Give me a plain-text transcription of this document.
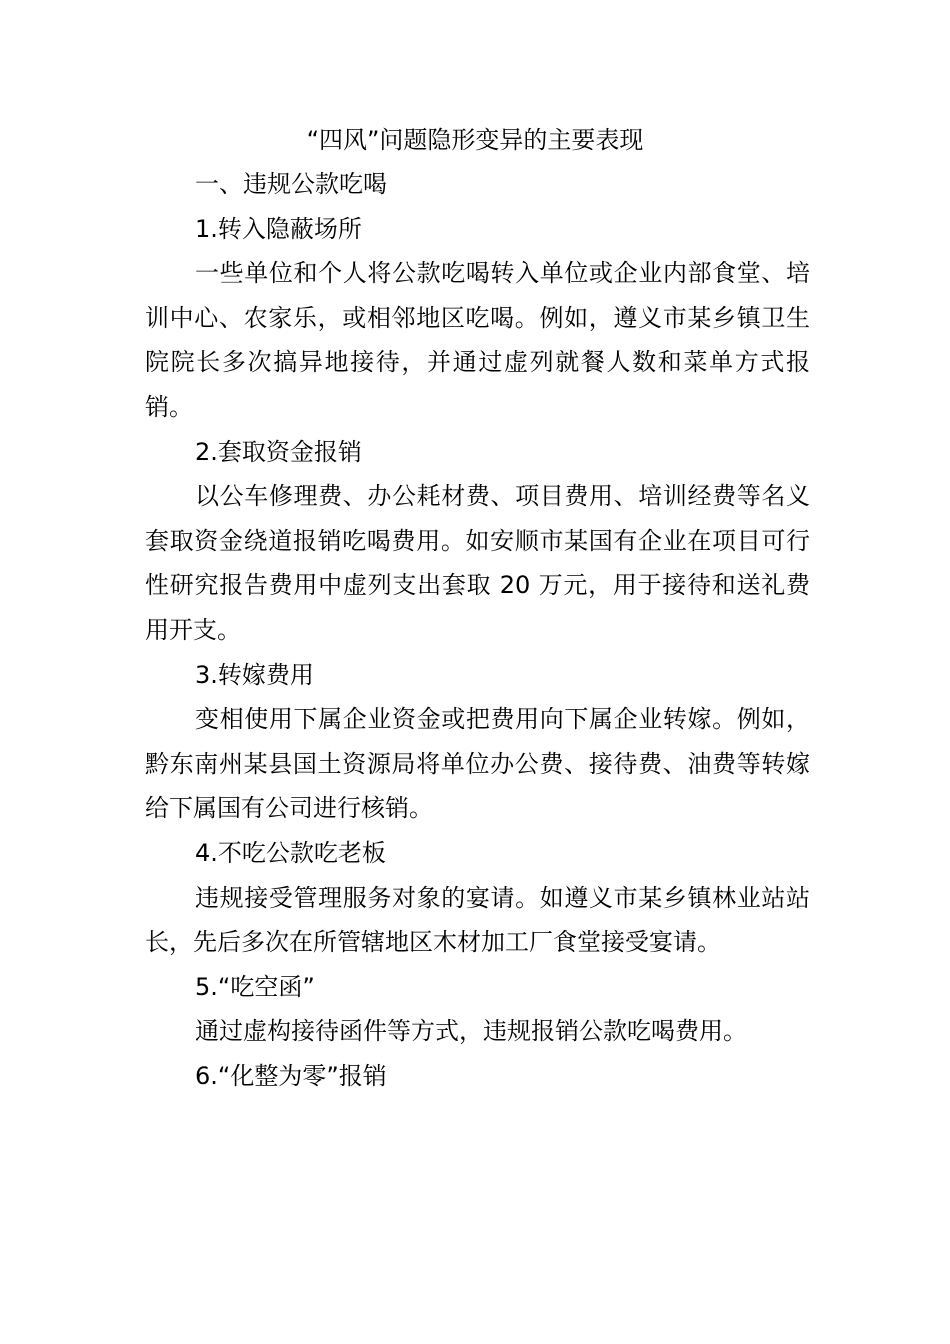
“四风”问题隐形变异的主要表现

一、违规公款吃喝

1.转入隐蔽场所

一些单位和个人将公款吃喝转入单位或企业内部食堂、培训中心、农家乐，或相邻地区吃喝。例如，遵义市某乡镇卫生院院长多次搞异地接待，并通过虚列就餐人数和菜单方式报销。

2.套取资金报销

以公车修理费、办公耗材费、项目费用、培训经费等名义套取资金绕道报销吃喝费用。如安顺市某国有企业在项目可行性研究报告费用中虚列支出套取 20 万元，用于接待和送礼费用开支。

3.转嫁费用

变相使用下属企业资金或把费用向下属企业转嫁。例如，黔东南州某县国土资源局将单位办公费、接待费、油费等转嫁给下属国有公司进行核销。

4.不吃公款吃老板

违规接受管理服务对象的宴请。如遵义市某乡镇林业站站长，先后多次在所管辖地区木材加工厂食堂接受宴请。

5.“吃空函”

通过虚构接待函件等方式，违规报销公款吃喝费用。

6.“化整为零”报销
